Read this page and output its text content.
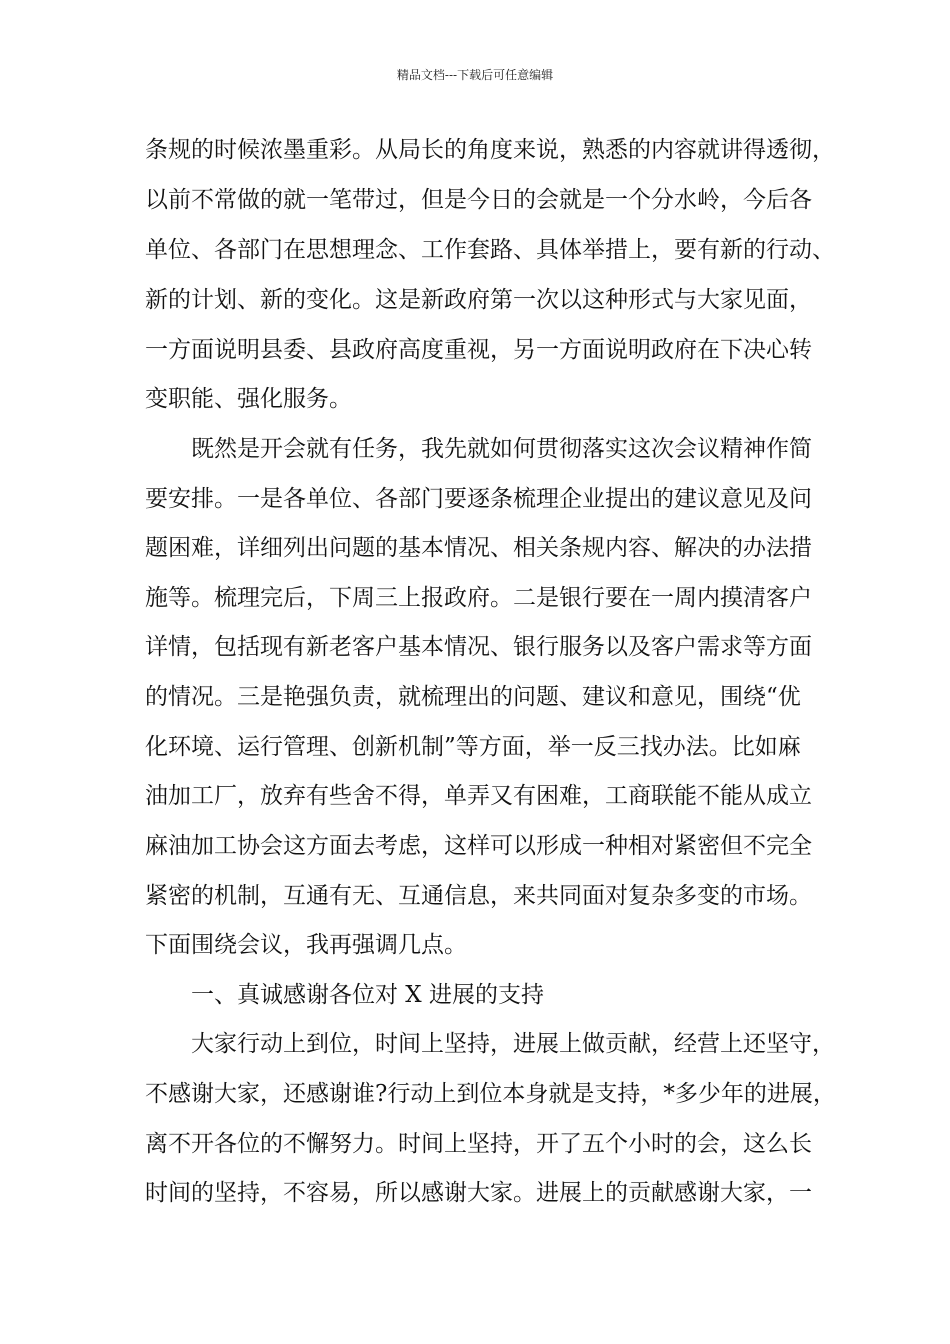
精品文档---下载后可任意编辑
条规的时候浓墨重彩。从局长的角度来说，熟悉的内容就讲得透彻，
以前不常做的就一笔带过，但是今日的会就是一个分水岭，今后各
单位、各部门在思想理念、工作套路、具体举措上，要有新的行动、
新的计划、新的变化。这是新政府第一次以这种形式与大家见面，
一方面说明县委、县政府高度重视，另一方面说明政府在下决心转
变职能、强化服务。
既然是开会就有任务，我先就如何贯彻落实这次会议精神作简
要安排。一是各单位、各部门要逐条梳理企业提出的建议意见及问
题困难，详细列出问题的基本情况、相关条规内容、解决的办法措
施等。梳理完后，下周三上报政府。二是银行要在一周内摸清客户
详情，包括现有新老客户基本情况、银行服务以及客户需求等方面
的情况。三是艳强负责，就梳理出的问题、建议和意见，围绕“优
化环境、运行管理、创新机制”等方面，举一反三找办法。比如麻
油加工厂，放弃有些舍不得，单弄又有困难，工商联能不能从成立
麻油加工协会这方面去考虑，这样可以形成一种相对紧密但不完全
紧密的机制，互通有无、互通信息，来共同面对复杂多变的市场。
下面围绕会议，我再强调几点。
一、真诚感谢各位对 X 进展的支持
大家行动上到位，时间上坚持，进展上做贡献，经营上还坚守，
不感谢大家，还感谢谁?行动上到位本身就是支持，*多少年的进展，
离不开各位的不懈努力。时间上坚持，开了五个小时的会，这么长
时间的坚持，不容易，所以感谢大家。进展上的贡献感谢大家，一
